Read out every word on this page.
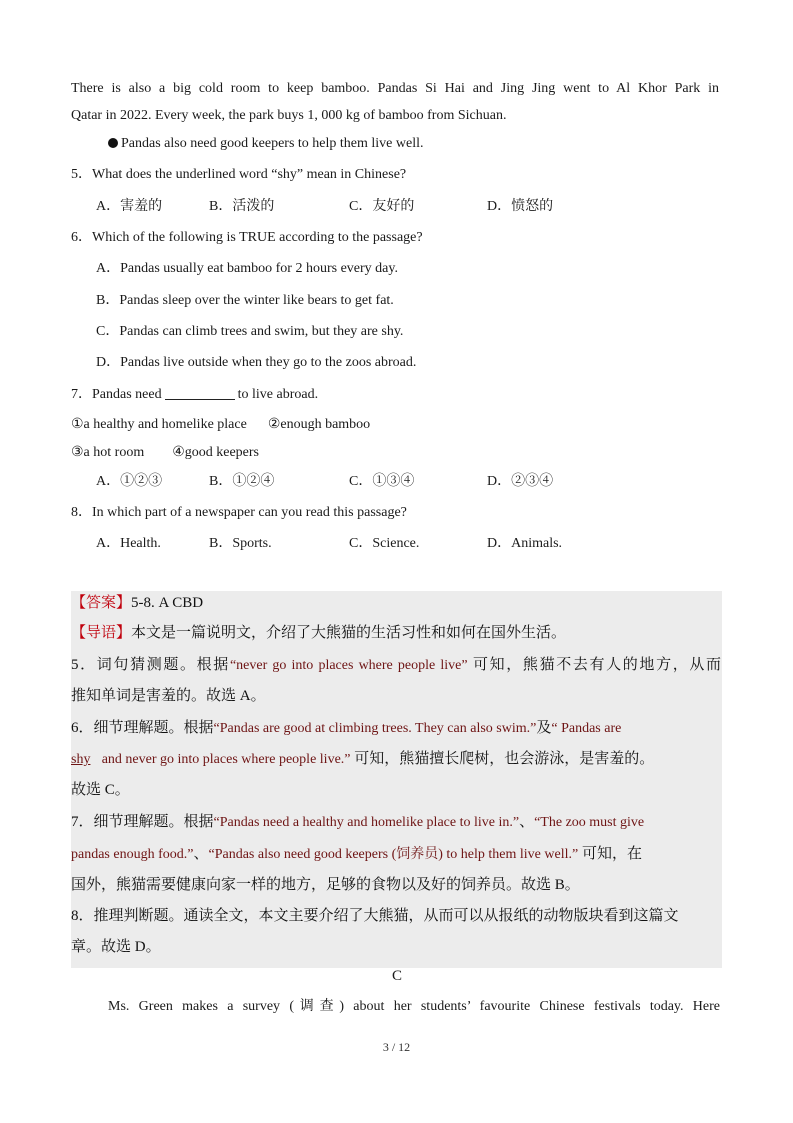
There is also a big cold room to keep bamboo. Pandas Si Hai and Jing Jing went to Al Khor Park in
Qatar in 2022. Every week, the park buys 1, 000 kg of bamboo from Sichuan.
Pandas also need good keepers to help them live well.
5．What does the underlined word “shy” mean in Chinese?
A．害羞的	B．活泼的	C．友好的	D．愤怒的
6．Which of the following is TRUE according to the passage?
A．Pandas usually eat bamboo for 2 hours every day.
B．Pandas sleep over the winter like bears to get fat.
C．Pandas can climb trees and swim, but they are shy.
D．Pandas live outside when they go to the zoos abroad.
7．Pandas need	to live abroad.
①a healthy and homelike place      ②enough bamboo
③a hot room        ④good keepers
A．①②③	B．①②④	C．①③④	D．②③④
8．In which part of a newspaper can you read this passage?
A．Health.	B．Sports.	C．Science.	D．Animals.
【答案】5-8. A CBD
【导语】本文是一篇说明文，介绍了大熊猫的生活习性和如何在国外生活。
5．词句猜测题。根据“never go into places where people live” 可知，熊猫不去有人的地方，从而
推知单词是害羞的。故选 A。
6．细节理解题。根据“Pandas are good at climbing trees. They can also swim.”及“ Pandas are
shy and never go into places where people live.” 可知，熊猫擅长爬树，也会游泳，是害羞的。
故选 C。
7．细节理解题。根据“Pandas need a healthy and homelike place to live in.”、“The zoo must give
pandas enough food.”、“Pandas also need good keepers (饲养员) to help them live well.” 可知，在
国外，熊猫需要健康向家一样的地方，足够的食物以及好的饲养员。故选 B。
8．推理判断题。通读全文，本文主要介绍了大熊猫，从而可以从报纸的动物版块看到这篇文
章。故选 D。
C
Ms. Green makes a survey (调查) about her students’ favourite Chinese festivals today. Here
3 / 12
